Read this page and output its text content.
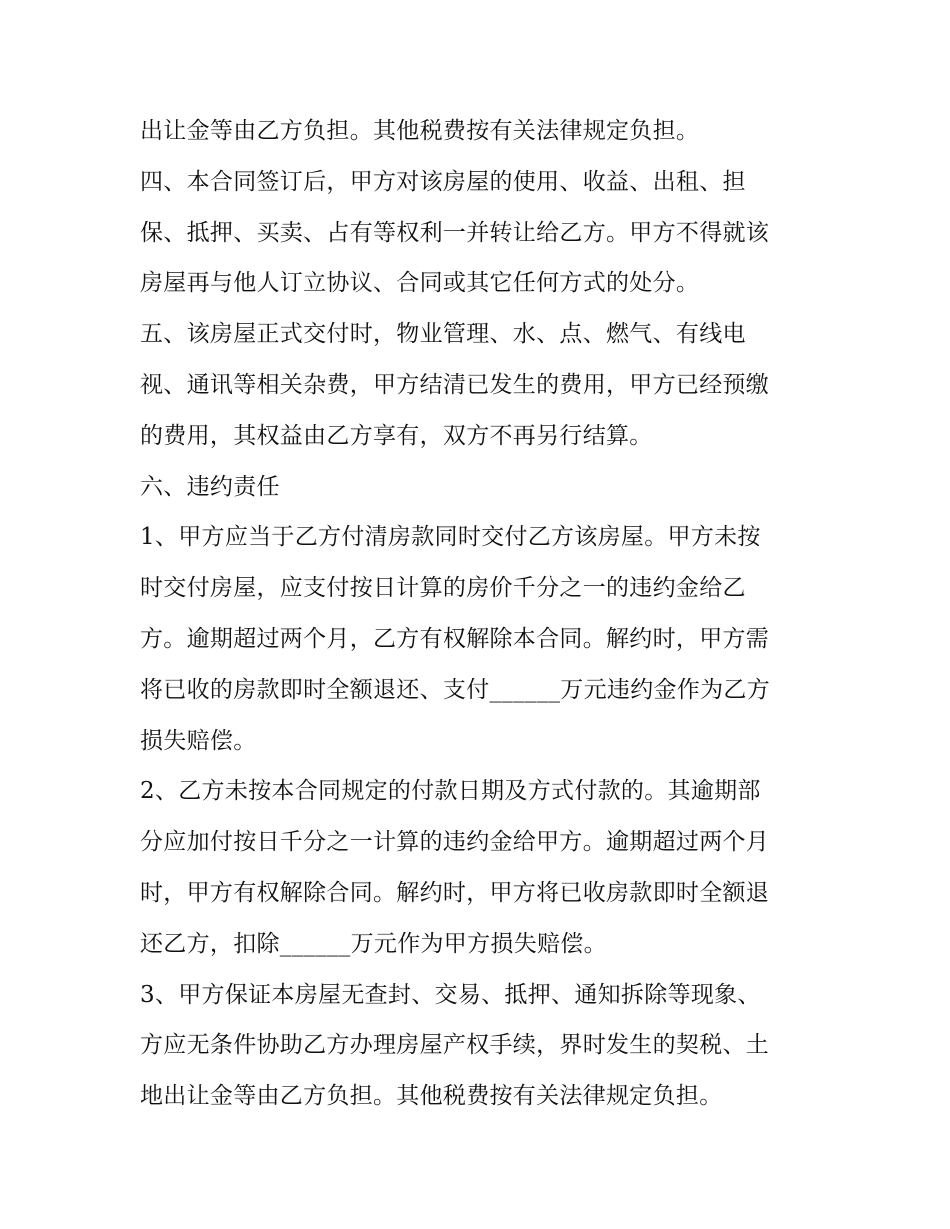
出让金等由乙方负担。其他税费按有关法律规定负担。
四、本合同签订后，甲方对该房屋的使用、收益、出租、担
保、抵押、买卖、占有等权利一并转让给乙方。甲方不得就该
房屋再与他人订立协议、合同或其它任何方式的处分。
五、该房屋正式交付时，物业管理、水、点、燃气、有线电
视、通讯等相关杂费，甲方结清已发生的费用，甲方已经预缴
的费用，其权益由乙方享有，双方不再另行结算。
六、违约责任
1、甲方应当于乙方付清房款同时交付乙方该房屋。甲方未按
时交付房屋，应支付按日计算的房价千分之一的违约金给乙
方。逾期超过两个月，乙方有权解除本合同。解约时，甲方需
将已收的房款即时全额退还、支付______万元违约金作为乙方
损失赔偿。
2、乙方未按本合同规定的付款日期及方式付款的。其逾期部
分应加付按日千分之一计算的违约金给甲方。逾期超过两个月
时，甲方有权解除合同。解约时，甲方将已收房款即时全额退
还乙方，扣除______万元作为甲方损失赔偿。
3、甲方保证本房屋无查封、交易、抵押、通知拆除等现象、
方应无条件协助乙方办理房屋产权手续，界时发生的契税、土
地出让金等由乙方负担。其他税费按有关法律规定负担。
